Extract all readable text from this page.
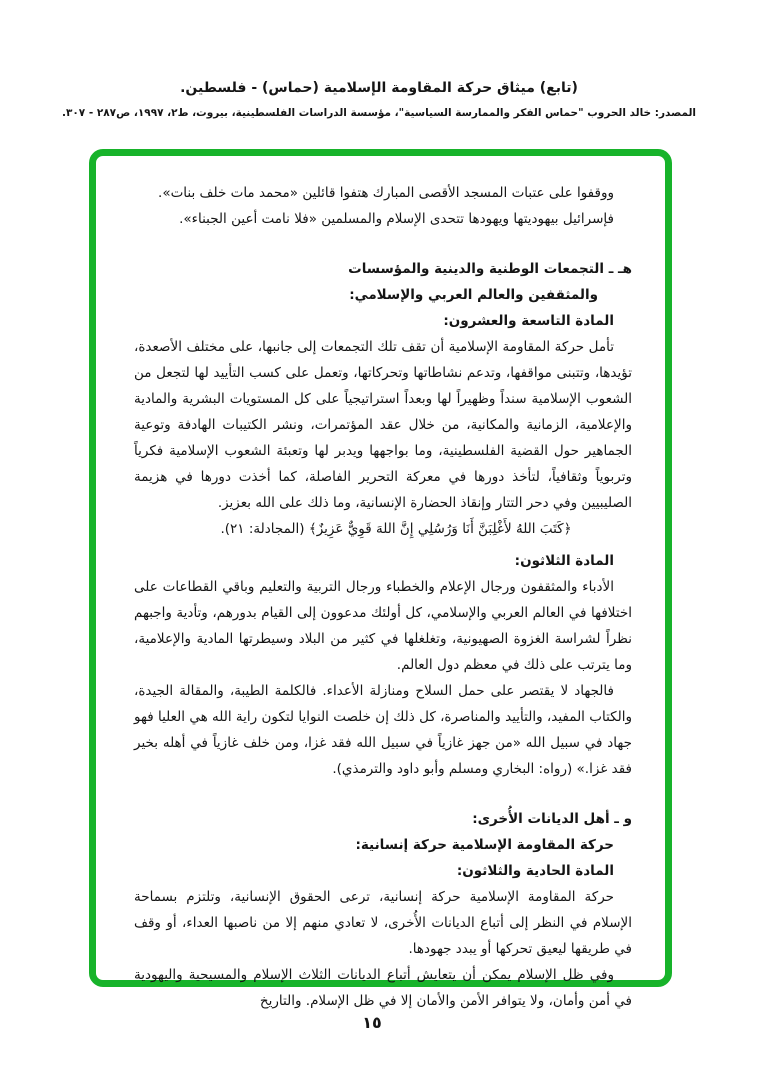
(تابع) ميثاق حركة المقاومة الإسلامية (حماس) - فلسطين.
المصدر: خالد الحروب "حماس الفكر والممارسة السياسية"، مؤسسة الدراسات الفلسطينية، بيروت، ط٢، ١٩٩٧، ص٢٨٧ - ٣٠٧.

ووقفوا على عتبات المسجد الأقصى المبارك هتفوا قائلين «محمد مات خلف بنات».

فإسرائيل بيهوديتها ويهودها تتحدى الإسلام والمسلمين «فلا نامت أعين الجبناء».

هـ ـ التجمعات الوطنية والدينية والمؤسسات

والمثقفين والعالم العربي والإسلامي:

المادة التاسعة والعشرون:

تأمل حركة المقاومة الإسلامية أن تقف تلك التجمعات إلى جانبها، على مختلف الأصعدة، تؤيدها، وتتبنى مواقفها، وتدعم نشاطاتها وتحركاتها، وتعمل على كسب التأييد لها لتجعل من الشعوب الإسلامية سنداً وظهيراً لها وبعداً استراتيجياً على كل المستويات البشرية والمادية والإعلامية، الزمانية والمكانية، من خلال عقد المؤتمرات، ونشر الكتيبات الهادفة وتوعية الجماهير حول القضية الفلسطينية، وما بواجهها ويدبر لها وتعبئة الشعوب الإسلامية فكرياً وتربوياً وثقافياً، لتأخذ دورها في معركة التحرير الفاصلة، كما أخذت دورها في هزيمة الصليبيين وفي دحر التتار وإنقاذ الحضارة الإنسانية، وما ذلك على الله بعزيز.

﴿كَتَبَ اللهُ لأَغْلِبَنَّ أَنَا وَرُسُلِي إِنَّ اللهَ قَوِيٌّ عَزِيزٌ﴾ (المجادلة: ٢١).

المادة الثلاثون:

الأدباء والمثقفون ورجال الإعلام والخطباء ورجال التربية والتعليم وباقي القطاعات على اختلافها في العالم العربي والإسلامي، كل أولئك مدعوون إلى القيام بدورهم، وتأدية واجبهم نظراً لشراسة الغزوة الصهيونية، وتغلغلها في كثير من البلاد وسيطرتها المادية والإعلامية، وما يترتب على ذلك في معظم دول العالم.

فالجهاد لا يقتصر على حمل السلاح ومنازلة الأعداء. فالكلمة الطيبة، والمقالة الجيدة، والكتاب المفيد، والتأييد والمناصرة، كل ذلك إن خلصت النوايا لتكون راية الله هي العليا فهو جهاد في سبيل الله «من جهز غازياً في سبيل الله فقد غزا، ومن خلف غازياً في أهله بخير فقد غزا.» (رواه: البخاري ومسلم وأبو داود والترمذي).

و ـ أهل الديانات الأُخرى:

حركة المقاومة الإسلامية حركة إنسانية:

المادة الحادية والثلاثون:

حركة المقاومة الإسلامية حركة إنسانية، ترعى الحقوق الإنسانية، وتلتزم بسماحة الإسلام في النظر إلى أتباع الديانات الأُخرى، لا تعادي منهم إلا من ناصبها العداء، أو وقف في طريقها ليعيق تحركها أو يبدد جهودها.

وفي ظل الإسلام يمكن أن يتعايش أتباع الديانات الثلاث الإسلام والمسيحية واليهودية في أمن وأمان، ولا يتوافر الأمن والأمان إلا في ظل الإسلام. والتاريخ

١٥
